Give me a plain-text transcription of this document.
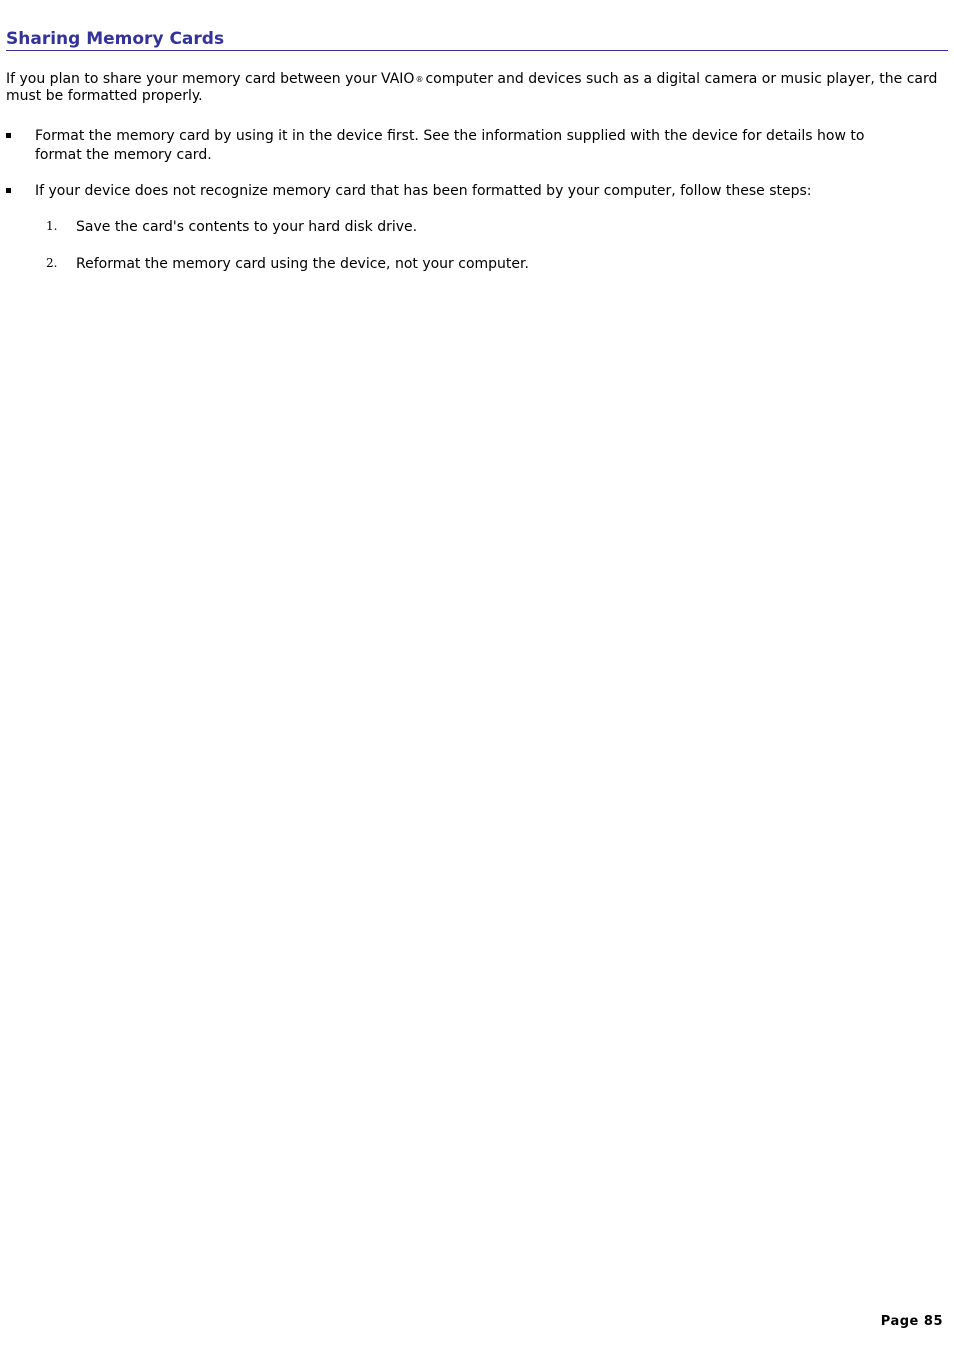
Sharing Memory Cards

If you plan to share your memory card between your VAIO® computer and devices such as a digital camera or music player, the card must be formatted properly.

Format the memory card by using it in the device first. See the information supplied with the device for details how to format the memory card.

If your device does not recognize memory card that has been formatted by your computer, follow these steps:

1. Save the card's contents to your hard disk drive.

2. Reformat the memory card using the device, not your computer.

Page 85
